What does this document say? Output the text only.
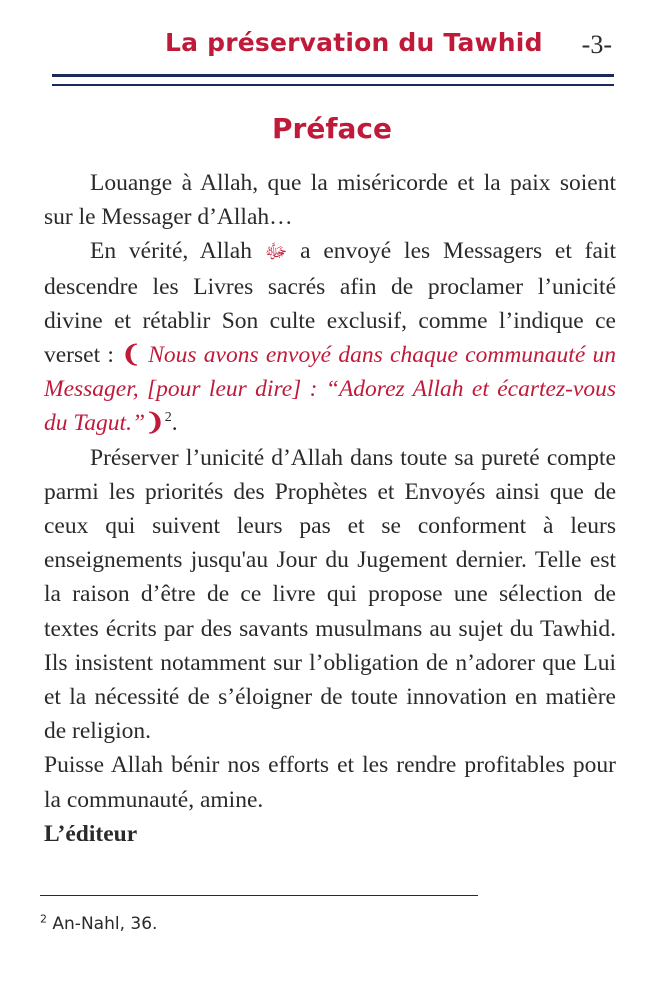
La préservation du Tawhid -3-
Préface

Louange à Allah, que la miséricorde et la paix soient sur le Messager d’Allah…

En vérité, Allah ﷻ a envoyé les Messagers et fait descendre les Livres sacrés afin de proclamer l’unicité divine et rétablir Son culte exclusif, comme l’indique ce verset : ❨ Nous avons envoyé dans chaque communauté un Messager, [pour leur dire] : “Adorez Allah et écartez-vous du Tagut.”❩$^2$.

Préserver l’unicité d’Allah dans toute sa pureté compte parmi les priorités des Prophètes et Envoyés ainsi que de ceux qui suivent leurs pas et se conforment à leurs enseignements jusqu'au Jour du Jugement dernier. Telle est la raison d’être de ce livre qui propose une sélection de textes écrits par des savants musulmans au sujet du Tawhid. Ils insistent notamment sur l’obligation de n’adorer que Lui et la nécessité de s’éloigner de toute innovation en matière de religion.

Puisse Allah bénir nos efforts et les rendre profitables pour la communauté, amine.

L’éditeur

$^2$ An-Nahl, 36.
